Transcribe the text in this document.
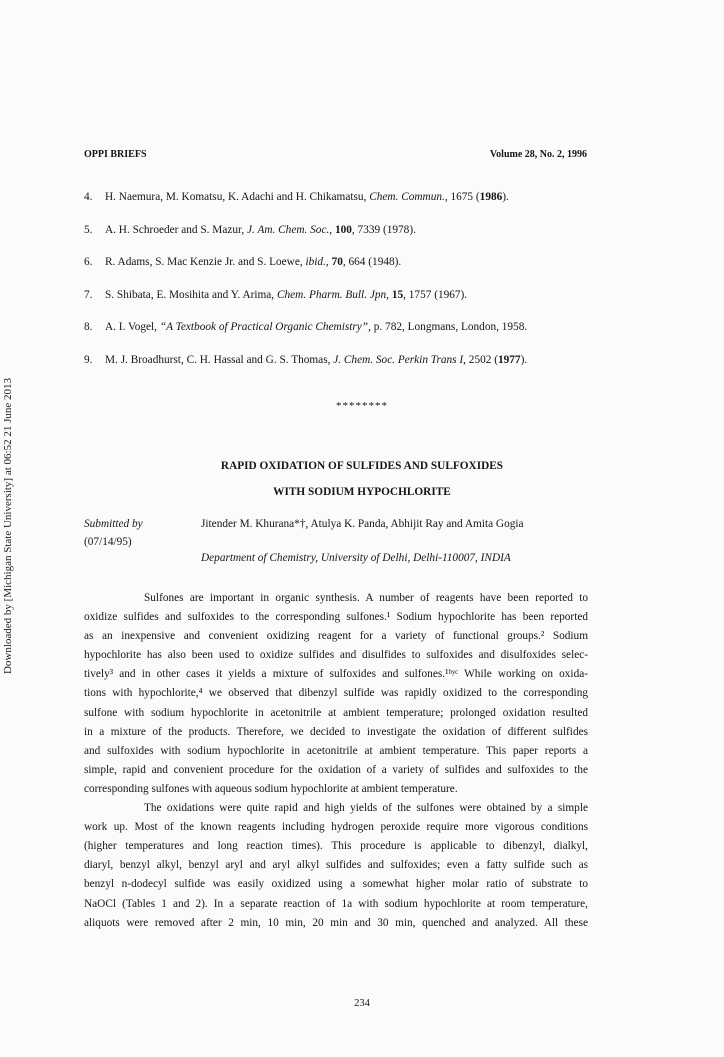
Downloaded by [Michigan State University] at 06:52 21 June 2013
OPPI BRIEFS	Volume 28, No. 2, 1996
4. H. Naemura, M. Komatsu, K. Adachi and H. Chikamatsu, Chem. Commun., 1675 (1986).
5. A. H. Schroeder and S. Mazur, J. Am. Chem. Soc., 100, 7339 (1978).
6. R. Adams, S. Mac Kenzie Jr. and S. Loewe, ibid., 70, 664 (1948).
7. S. Shibata, E. Mosihita and Y. Arima, Chem. Pharm. Bull. Jpn, 15, 1757 (1967).
8. A. I. Vogel, “A Textbook of Practical Organic Chemistry”, p. 782, Longmans, London, 1958.
9. M. J. Broadhurst, C. H. Hassal and G. S. Thomas, J. Chem. Soc. Perkin Trans I, 2502 (1977).
********
RAPID OXIDATION OF SULFIDES AND SULFOXIDES
WITH SODIUM HYPOCHLORITE
Submitted by
(07/14/95)
Jitender M. Khurana*†, Atulya K. Panda, Abhijit Ray and Amita Gogia
Department of Chemistry, University of Delhi, Delhi-110007, INDIA
Sulfones are important in organic synthesis. A number of reagents have been reported to
oxidize sulfides and sulfoxides to the corresponding sulfones.¹ Sodium hypochlorite has been reported
as an inexpensive and convenient oxidizing reagent for a variety of functional groups.² Sodium
hypochlorite has also been used to oxidize sulfides and disulfides to sulfoxides and disulfoxides selec-
tively³ and in other cases it yields a mixture of sulfoxides and sulfones.¹ᵇʸᶜ While working on oxida-
tions with hypochlorite,⁴ we observed that dibenzyl sulfide was rapidly oxidized to the corresponding
sulfone with sodium hypochlorite in acetonitrile at ambient temperature; prolonged oxidation resulted
in a mixture of the products. Therefore, we decided to investigate the oxidation of different sulfides
and sulfoxides with sodium hypochlorite in acetonitrile at ambient temperature. This paper reports a
simple, rapid and convenient procedure for the oxidation of a variety of sulfides and sulfoxides to the
corresponding sulfones with aqueous sodium hypochlorite at ambient temperature.
The oxidations were quite rapid and high yields of the sulfones were obtained by a simple
work up. Most of the known reagents including hydrogen peroxide require more vigorous conditions
(higher temperatures and long reaction times). This procedure is applicable to dibenzyl, dialkyl,
diaryl, benzyl alkyl, benzyl aryl and aryl alkyl sulfides and sulfoxides; even a fatty sulfide such as
benzyl n-dodecyl sulfide was easily oxidized using a somewhat higher molar ratio of substrate to
NaOCl (Tables 1 and 2). In a separate reaction of 1a with sodium hypochlorite at room temperature,
aliquots were removed after 2 min, 10 min, 20 min and 30 min, quenched and analyzed. All these
234
